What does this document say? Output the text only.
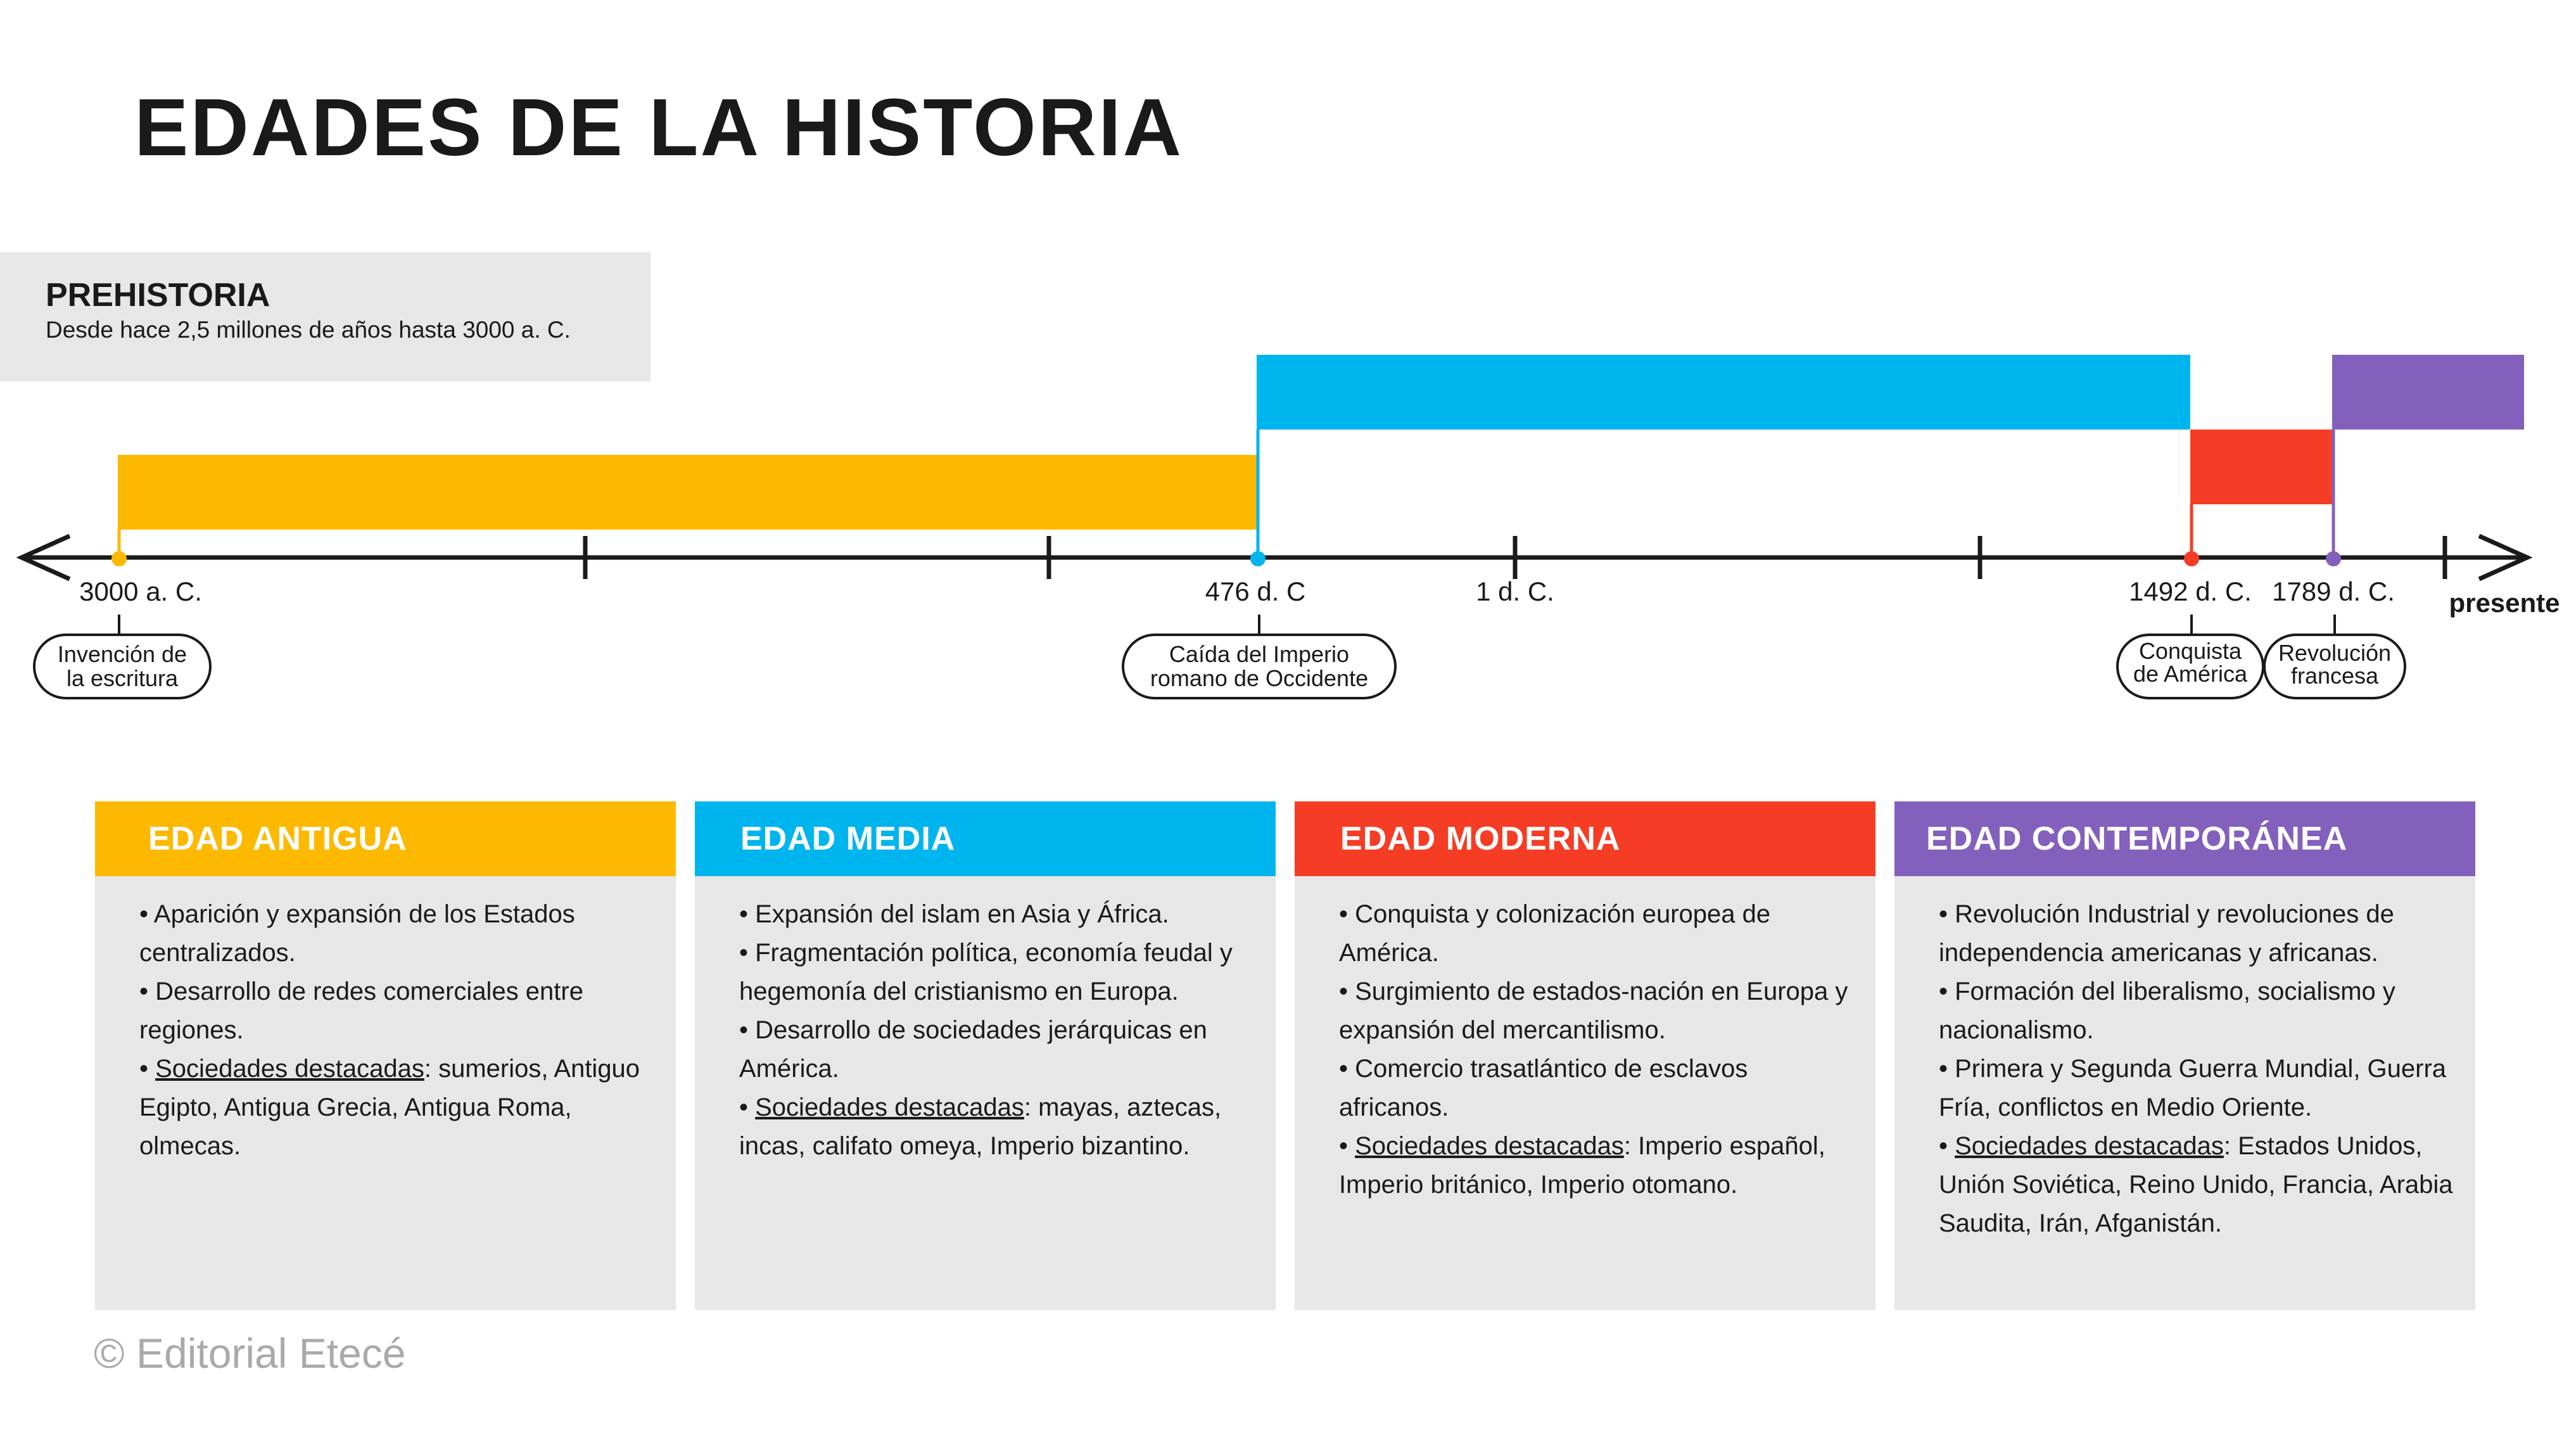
EDADES DE LA HISTORIA
PREHISTORIA
Desde hace 2,5 millones de años hasta 3000 a. C.
3000 a. C.	476 d. C	1 d. C.	1492 d. C. 1789 d. C. presente
Invención de
la escritura
Caída del Imperio
romano de Occidente
Conquista
de América
Revolución
francesa
EDAD ANTIGUA
• Aparición y expansión de los Estados centralizados.
• Desarrollo de redes comerciales entre regiones.
• Sociedades destacadas: sumerios, Antiguo Egipto, Antigua Grecia, Antigua Roma, olmecas.
EDAD MEDIA
• Expansión del islam en Asia y África.
• Fragmentación política, economía feudal y hegemonía del cristianismo en Europa.
• Desarrollo de sociedades jerárquicas en América.
• Sociedades destacadas: mayas, aztecas, incas, califato omeya, Imperio bizantino.
EDAD MODERNA
• Conquista y colonización europea de América.
• Surgimiento de estados-nación en Europa y expansión del mercantilismo.
• Comercio trasatlántico de esclavos africanos.
• Sociedades destacadas: Imperio español, Imperio británico, Imperio otomano.
EDAD CONTEMPORÁNEA
• Revolución Industrial y revoluciones de independencia americanas y africanas.
• Formación del liberalismo, socialismo y nacionalismo.
• Primera y Segunda Guerra Mundial, Guerra Fría, conflictos en Medio Oriente.
• Sociedades destacadas: Estados Unidos, Unión Soviética, Reino Unido, Francia, Arabia Saudita, Irán, Afganistán.
© Editorial Etecé
